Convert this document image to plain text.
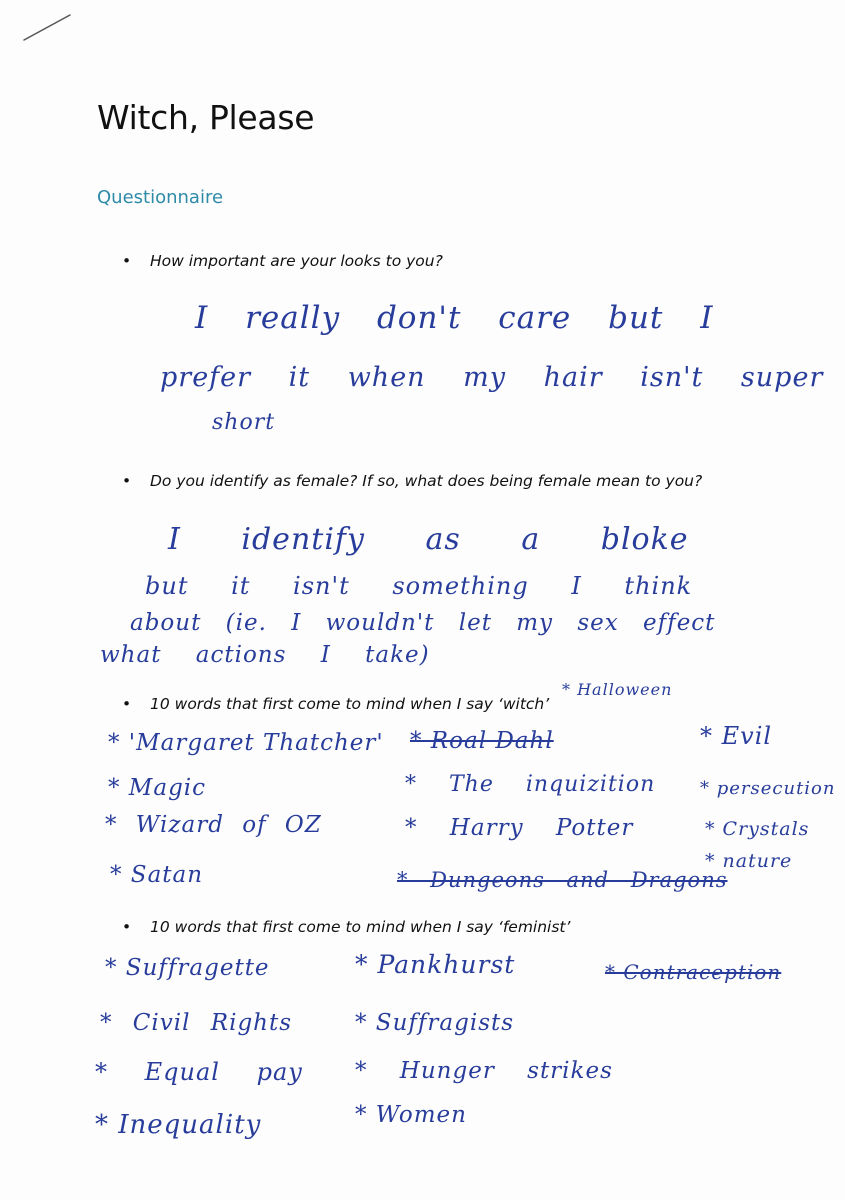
Witch, Please
Questionnaire
• How important are your looks to you?
I really don't care but I
prefer it when my hair isn't super
short
• Do you identify as female? If so, what does being female mean to you?
I identify as a bloke
but it isn't something I think
about (ie. I wouldn't let my sex effect
what actions I take)
• 10 words that first come to mind when I say ‘witch’
* Halloween
* 'Margaret Thatcher' * Roal Dahl	* Evil
* Magic	* The inquizition * persecution
* Wizard of OZ	* Harry Potter	* Crystals
* nature
* Satan	* Dungeons and Dragons
• 10 words that first come to mind when I say ‘feminist’
* Suffragette	* Pankhurst	* Contraception
* Civil Rights	* Suffragists
* Equal pay * Hunger strikes
* Inequality	* Women
